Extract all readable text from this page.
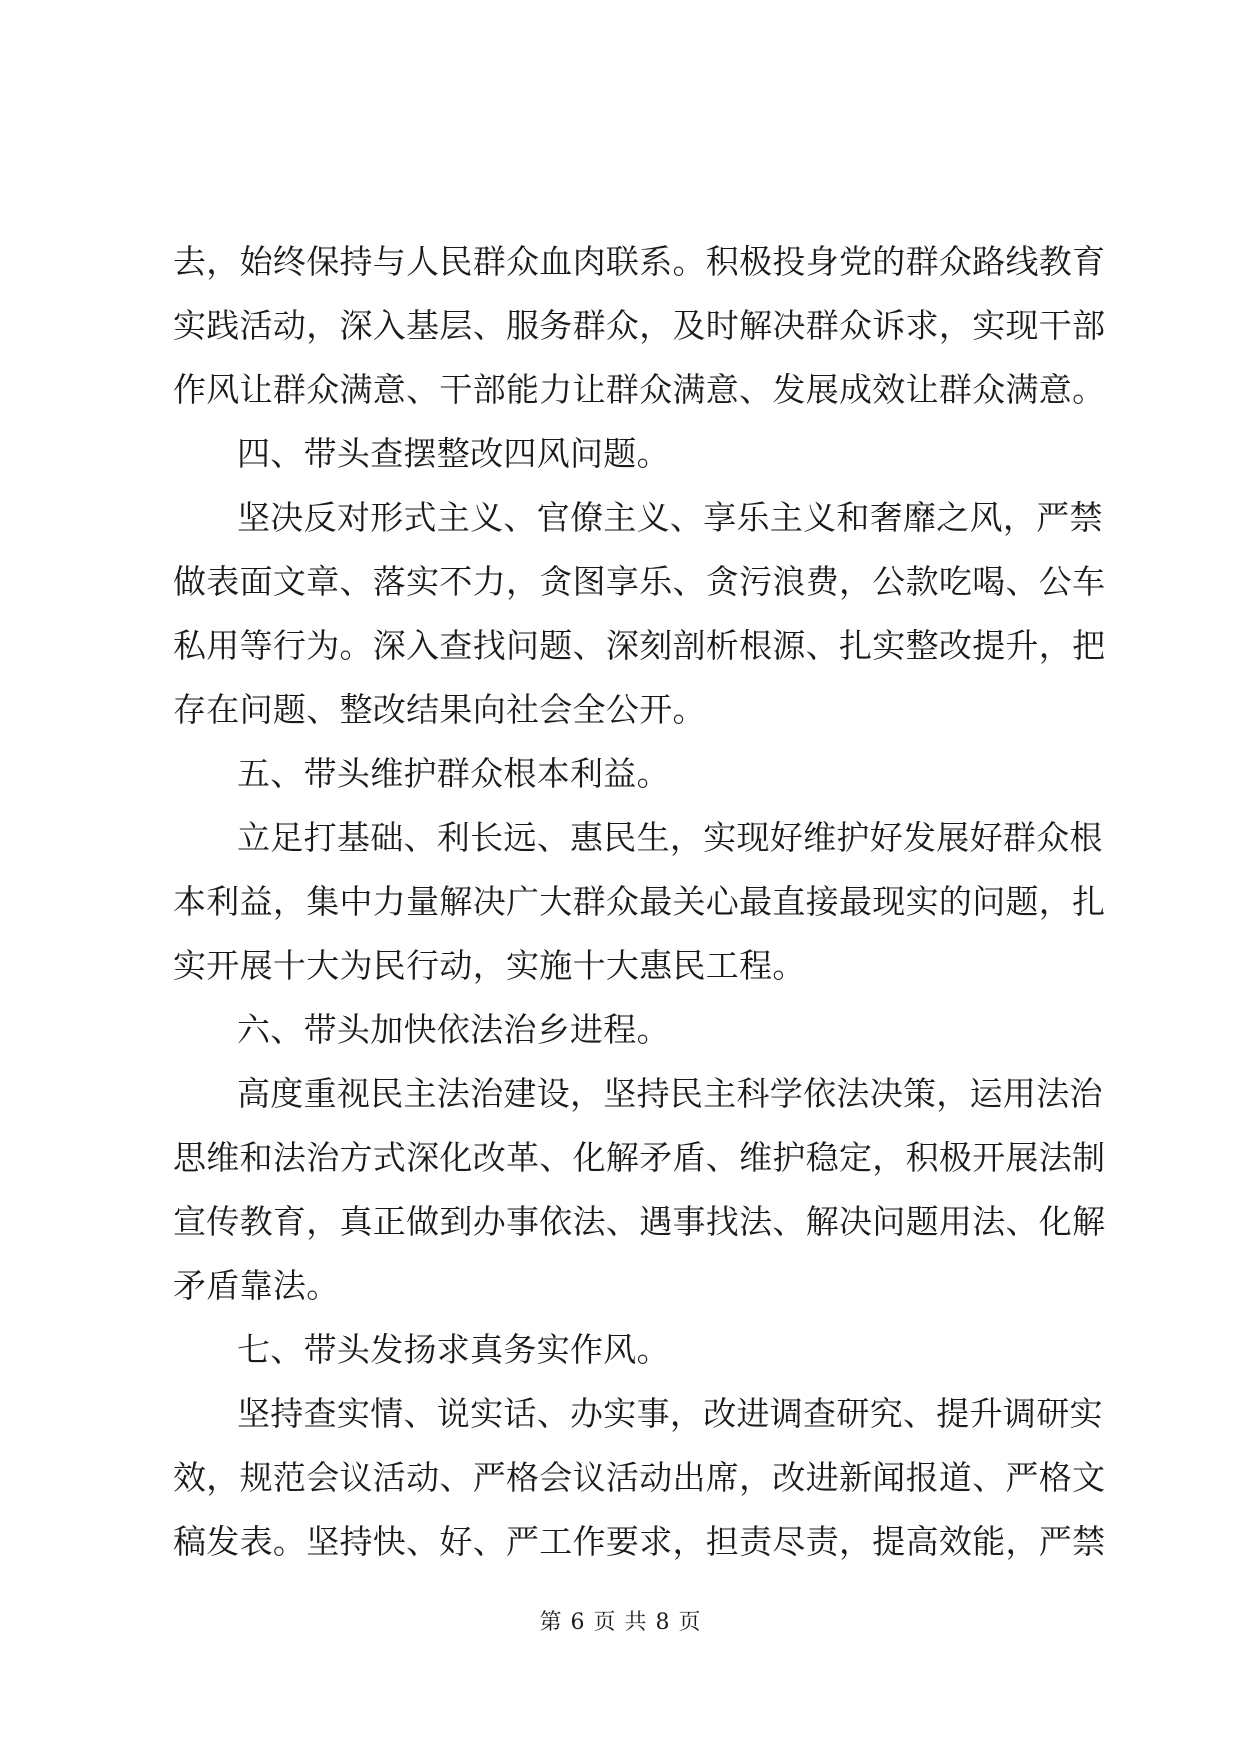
去，始终保持与人民群众血肉联系。积极投身党的群众路线教育
实践活动，深入基层、服务群众，及时解决群众诉求，实现干部
作风让群众满意、干部能力让群众满意、发展成效让群众满意。
四、带头查摆整改四风问题。
坚决反对形式主义、官僚主义、享乐主义和奢靡之风，严禁
做表面文章、落实不力，贪图享乐、贪污浪费，公款吃喝、公车
私用等行为。深入查找问题、深刻剖析根源、扎实整改提升，把
存在问题、整改结果向社会全公开。
五、带头维护群众根本利益。
立足打基础、利长远、惠民生，实现好维护好发展好群众根
本利益，集中力量解决广大群众最关心最直接最现实的问题，扎
实开展十大为民行动，实施十大惠民工程。
六、带头加快依法治乡进程。
高度重视民主法治建设，坚持民主科学依法决策，运用法治
思维和法治方式深化改革、化解矛盾、维护稳定，积极开展法制
宣传教育，真正做到办事依法、遇事找法、解决问题用法、化解
矛盾靠法。
七、带头发扬求真务实作风。
坚持查实情、说实话、办实事，改进调查研究、提升调研实
效，规范会议活动、严格会议活动出席，改进新闻报道、严格文
稿发表。坚持快、好、严工作要求，担责尽责，提高效能，严禁
第 6 页 共 8 页
